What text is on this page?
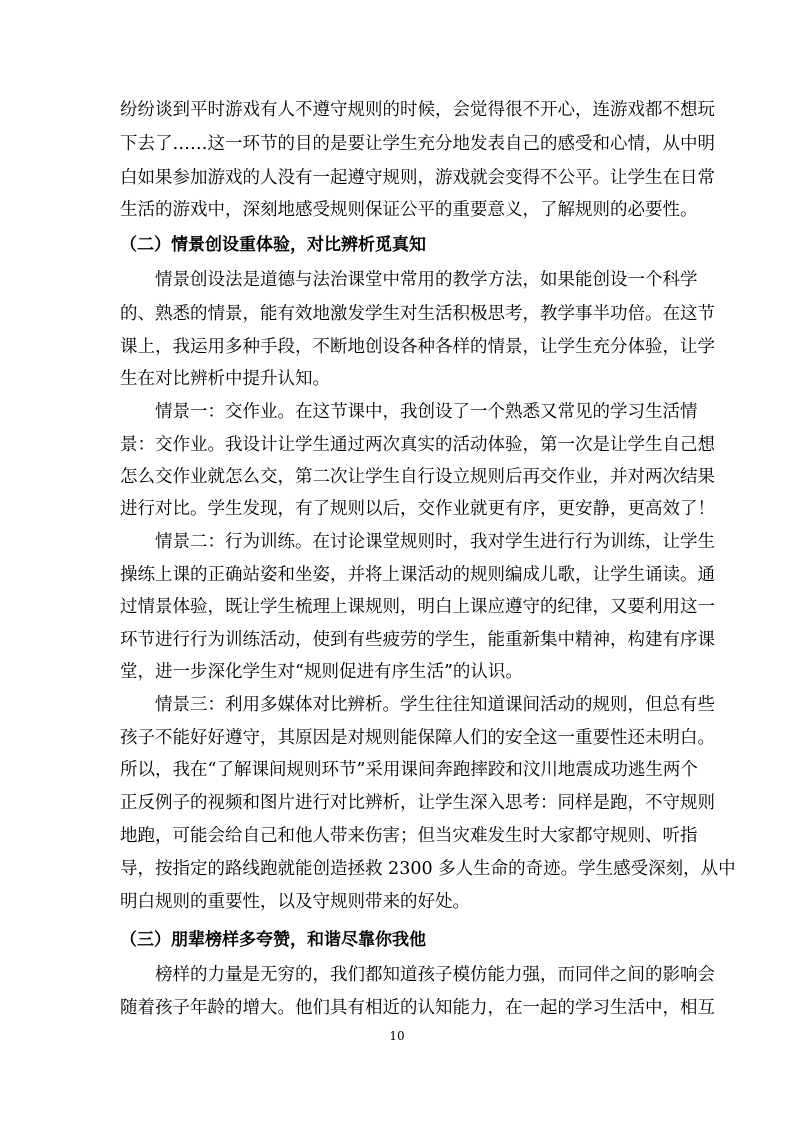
纷纷谈到平时游戏有人不遵守规则的时候，会觉得很不开心，连游戏都不想玩
下去了……这一环节的目的是要让学生充分地发表自己的感受和心情，从中明
白如果参加游戏的人没有一起遵守规则，游戏就会变得不公平。让学生在日常
生活的游戏中，深刻地感受规则保证公平的重要意义，了解规则的必要性。
（二）情景创设重体验，对比辨析觅真知
情景创设法是道德与法治课堂中常用的教学方法，如果能创设一个科学
的、熟悉的情景，能有效地激发学生对生活积极思考，教学事半功倍。在这节
课上，我运用多种手段，不断地创设各种各样的情景，让学生充分体验，让学
生在对比辨析中提升认知。
情景一：交作业。在这节课中，我创设了一个熟悉又常见的学习生活情
景：交作业。我设计让学生通过两次真实的活动体验，第一次是让学生自己想
怎么交作业就怎么交，第二次让学生自行设立规则后再交作业，并对两次结果
进行对比。学生发现，有了规则以后，交作业就更有序，更安静，更高效了！
情景二：行为训练。在讨论课堂规则时，我对学生进行行为训练，让学生
操练上课的正确站姿和坐姿，并将上课活动的规则编成儿歌，让学生诵读。通
过情景体验，既让学生梳理上课规则，明白上课应遵守的纪律，又要利用这一
环节进行行为训练活动，使到有些疲劳的学生，能重新集中精神，构建有序课
堂，进一步深化学生对“规则促进有序生活”的认识。
情景三：利用多媒体对比辨析。学生往往知道课间活动的规则，但总有些
孩子不能好好遵守，其原因是对规则能保障人们的安全这一重要性还未明白。
所以，我在“了解课间规则环节”采用课间奔跑摔跤和汶川地震成功逃生两个
正反例子的视频和图片进行对比辨析，让学生深入思考：同样是跑，不守规则
地跑，可能会给自己和他人带来伤害；但当灾难发生时大家都守规则、听指
导，按指定的路线跑就能创造拯救 2300 多人生命的奇迹。学生感受深刻，从中
明白规则的重要性，以及守规则带来的好处。
（三）朋辈榜样多夸赞，和谐尽靠你我他
榜样的力量是无穷的，我们都知道孩子模仿能力强，而同伴之间的影响会
随着孩子年龄的增大。他们具有相近的认知能力，在一起的学习生活中，相互
10
